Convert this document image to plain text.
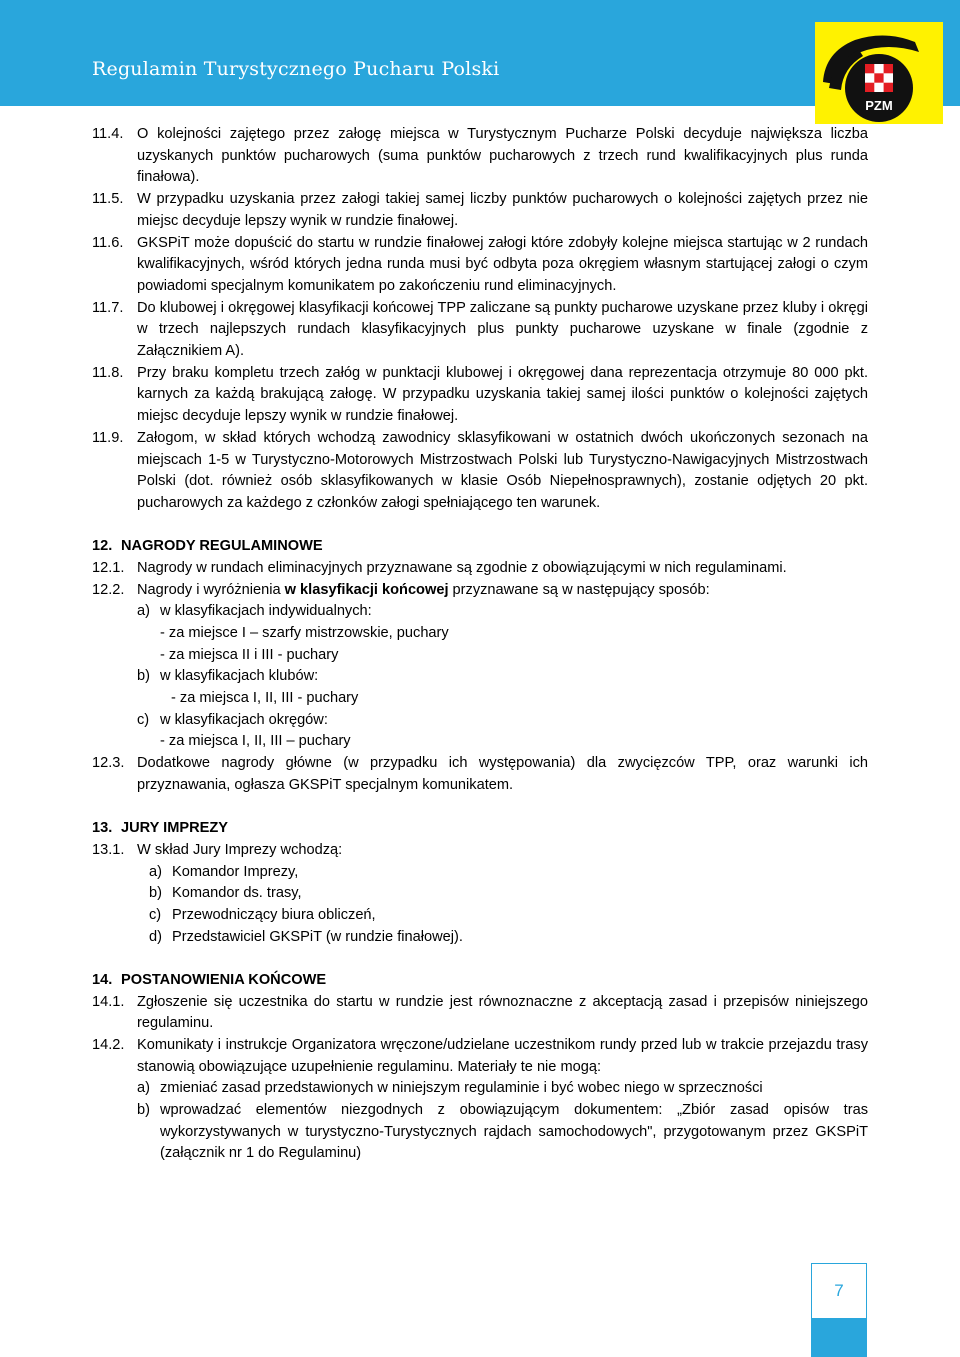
Regulamin Turystycznego Pucharu Polski
PZM
11.4. O kolejności zajętego przez załogę miejsca w Turystycznym Pucharze Polski decyduje największa liczba uzyskanych punktów pucharowych (suma punktów pucharowych z trzech rund kwalifikacyjnych plus runda finałowa).
11.5. W przypadku uzyskania przez załogi takiej samej liczby punktów pucharowych o kolejności zajętych przez nie miejsc decyduje lepszy wynik w rundzie finałowej.
11.6. GKSPiT może dopuścić do startu w rundzie finałowej załogi które zdobyły kolejne miejsca startując w 2 rundach kwalifikacyjnych, wśród których jedna runda musi być odbyta poza okręgiem własnym startującej załogi o czym powiadomi specjalnym komunikatem po zakończeniu rund eliminacyjnych.
11.7. Do klubowej i okręgowej klasyfikacji końcowej TPP zaliczane są punkty pucharowe uzyskane przez kluby i okręgi w trzech najlepszych rundach klasyfikacyjnych plus punkty pucharowe uzyskane w finale (zgodnie z Załącznikiem A).
11.8. Przy braku kompletu trzech załóg w punktacji klubowej i okręgowej dana reprezentacja otrzymuje 80 000 pkt. karnych za każdą brakującą załogę. W przypadku uzyskania takiej samej ilości punktów o kolejności zajętych miejsc decyduje lepszy wynik w rundzie finałowej.
11.9. Załogom, w skład których wchodzą zawodnicy sklasyfikowani w ostatnich dwóch ukończonych sezonach na miejscach 1-5 w Turystyczno-Motorowych Mistrzostwach Polski lub Turystyczno-Nawigacyjnych Mistrzostwach Polski (dot. również osób sklasyfikowanych w klasie Osób Niepełnosprawnych), zostanie odjętych 20 pkt. pucharowych za każdego z członków załogi spełniającego ten warunek.
12. NAGRODY REGULAMINOWE
12.1. Nagrody w rundach eliminacyjnych przyznawane są zgodnie z obowiązującymi w nich regulaminami.
12.2. Nagrody i wyróżnienia w klasyfikacji końcowej przyznawane są w następujący sposób:
a) w klasyfikacjach indywidualnych:
- za miejsce I – szarfy mistrzowskie, puchary
- za miejsca II i III - puchary
b) w klasyfikacjach klubów:
- za miejsca I, II, III - puchary
c) w klasyfikacjach okręgów:
- za miejsca I, II, III – puchary
12.3. Dodatkowe nagrody główne (w przypadku ich występowania) dla zwycięzców TPP, oraz warunki ich przyznawania, ogłasza GKSPiT specjalnym komunikatem.
13. JURY IMPREZY
13.1. W skład Jury Imprezy wchodzą:
a) Komandor Imprezy,
b) Komandor ds. trasy,
c) Przewodniczący biura obliczeń,
d) Przedstawiciel GKSPiT (w rundzie finałowej).
14. POSTANOWIENIA KOŃCOWE
14.1. Zgłoszenie się uczestnika do startu w rundzie jest równoznaczne z akceptacją zasad i przepisów niniejszego regulaminu.
14.2. Komunikaty i instrukcje Organizatora wręczone/udzielane uczestnikom rundy przed lub w trakcie przejazdu trasy stanowią obowiązujące uzupełnienie regulaminu. Materiały te nie mogą:
a) zmieniać zasad przedstawionych w niniejszym regulaminie i być wobec niego w sprzeczności
b) wprowadzać elementów niezgodnych z obowiązującym dokumentem: „Zbiór zasad opisów tras wykorzystywanych w turystyczno-Turystycznych rajdach samochodowych", przygotowanym przez GKSPiT (załącznik nr 1 do Regulaminu)
7
